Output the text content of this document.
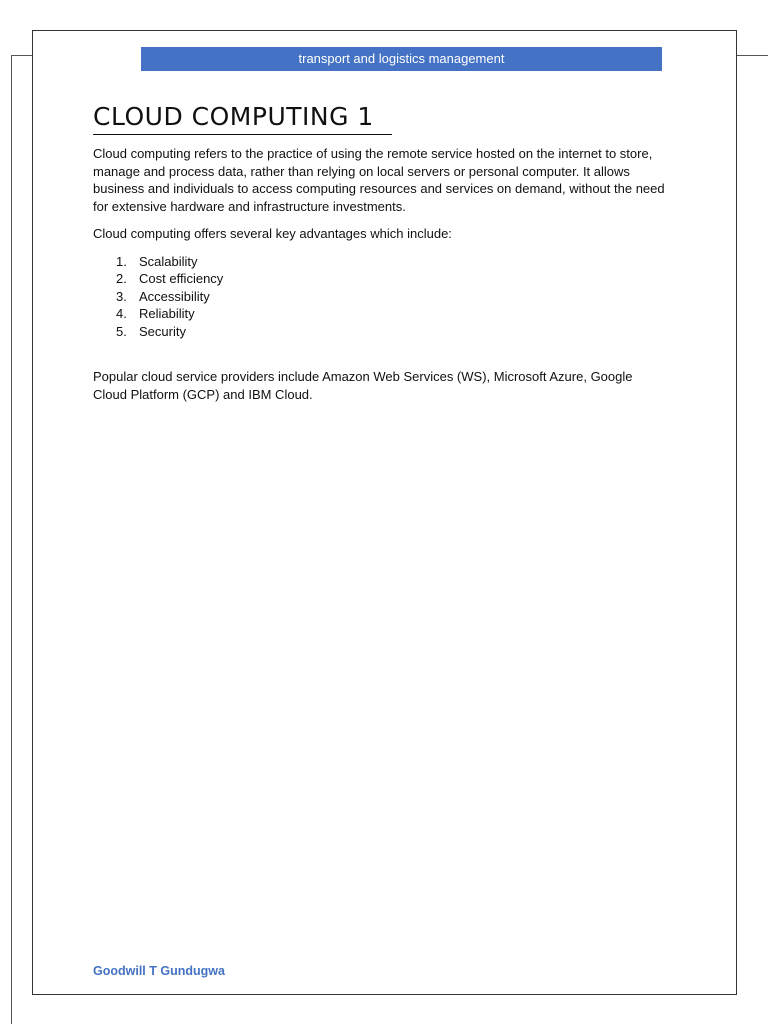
transport and logistics management
CLOUD COMPUTING 1

Cloud computing refers to the practice of using the remote service hosted on the internet to store, manage and process data, rather than relying on local servers or personal computer. It allows business and individuals to access computing resources and services on demand, without the need for extensive hardware and infrastructure investments.

Cloud computing offers several key advantages which include:

1. Scalability
2. Cost efficiency
3. Accessibility
4. Reliability
5. Security

Popular cloud service providers include Amazon Web Services (WS), Microsoft Azure, Google Cloud Platform (GCP) and IBM Cloud.

Goodwill T Gundugwa
